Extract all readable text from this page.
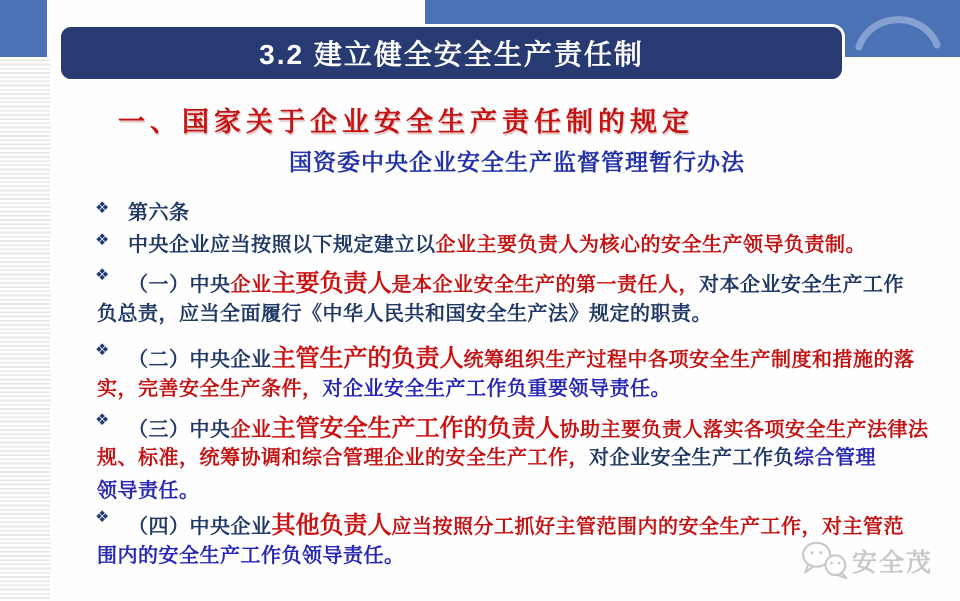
3.2 建立健全安全生产责任制
一、国家关于企业安全生产责任制的规定
国资委中央企业安全生产监督管理暂行办法
❖ 第六条
❖ 中央企业应当按照以下规定建立以企业主要负责人为核心的安全生产领导负责制。
❖ （一）中央企业主要负责人是本企业安全生产的第一责任人，对本企业安全生产工作
负总责，应当全面履行《中华人民共和国安全生产法》规定的职责。
❖ （二）中央企业主管生产的负责人统筹组织生产过程中各项安全生产制度和措施的落
实，完善安全生产条件，对企业安全生产工作负重要领导责任。
❖ （三）中央企业主管安全生产工作的负责人协助主要负责人落实各项安全生产法律法
规、标准，统筹协调和综合管理企业的安全生产工作，对企业安全生产工作负综合管理
领导责任。
❖ （四）中央企业其他负责人应当按照分工抓好主管范围内的安全生产工作，对主管范
围内的安全生产工作负领导责任。	安全茂
